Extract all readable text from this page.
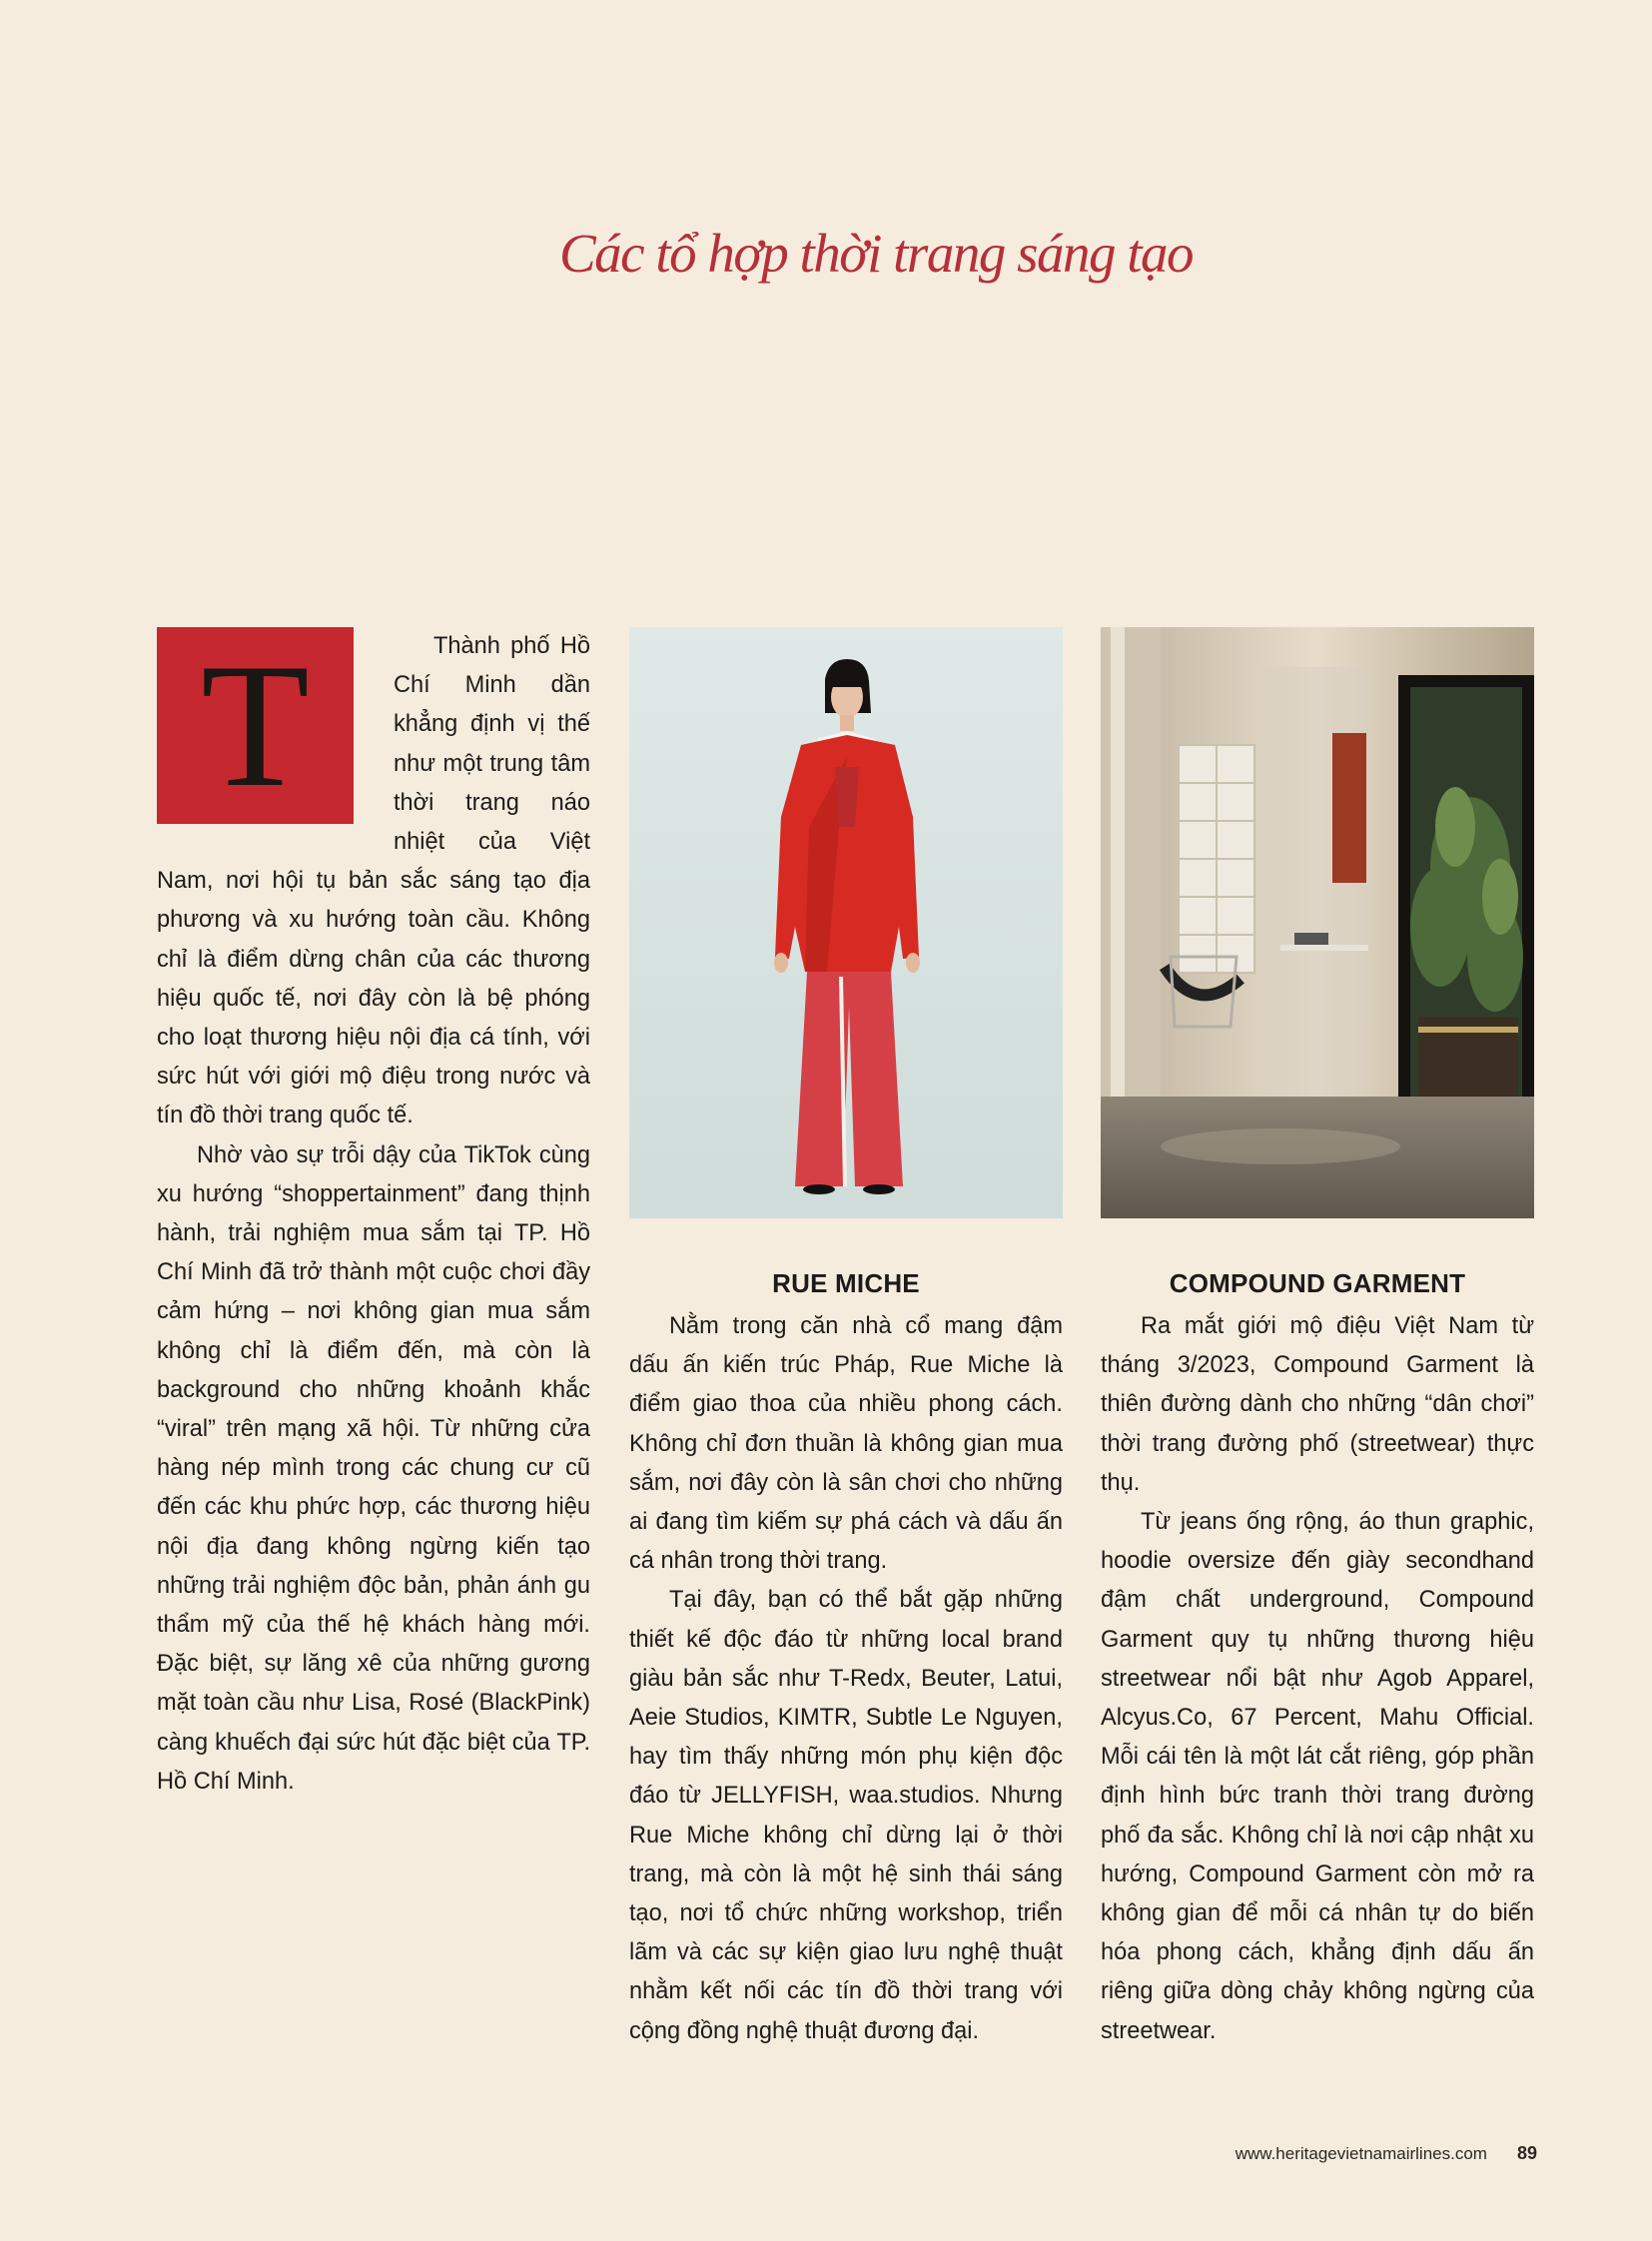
Các tổ hợp thời trang sáng tạo
T	Thành phố Hồ Chí Minh dần khẳng định vị thế như một trung tâm thời trang náo nhiệt của Việt Nam, nơi hội tụ bản sắc sáng tạo địa phương và xu hướng toàn cầu. Không chỉ là điểm dừng chân của các thương hiệu quốc tế, nơi đây còn là bệ phóng cho loạt thương hiệu nội địa cá tính, với sức hút với giới mộ điệu trong nước và tín đồ thời trang quốc tế.

Nhờ vào sự trỗi dậy của TikTok cùng xu hướng “shoppertainment” đang thịnh hành, trải nghiệm mua sắm tại TP. Hồ Chí Minh đã trở thành một cuộc chơi đầy cảm hứng – nơi không gian mua sắm không chỉ là điểm đến, mà còn là background cho những khoảnh khắc “viral” trên mạng xã hội. Từ những cửa hàng nép mình trong các chung cư cũ đến các khu phức hợp, các thương hiệu nội địa đang không ngừng kiến tạo những trải nghiệm độc bản, phản ánh gu thẩm mỹ của thế hệ khách hàng mới. Đặc biệt, sự lăng xê của những gương mặt toàn cầu như Lisa, Rosé (BlackPink) càng khuếch đại sức hút đặc biệt của TP. Hồ Chí Minh.

RUE MICHE	COMPOUND GARMENT

Nằm trong căn nhà cổ mang đậm dấu ấn kiến trúc Pháp, Rue Miche là điểm giao thoa của nhiều phong cách. Không chỉ đơn thuần là không gian mua sắm, nơi đây còn là sân chơi cho những ai đang tìm kiếm sự phá cách và dấu ấn cá nhân trong thời trang.

Tại đây, bạn có thể bắt gặp những thiết kế độc đáo từ những local brand giàu bản sắc như T-Redx, Beuter, Latui, Aeie Studios, KIMTR, Subtle Le Nguyen, hay tìm thấy những món phụ kiện độc đáo từ JELLYFISH, waa.studios. Nhưng Rue Miche không chỉ dừng lại ở thời trang, mà còn là một hệ sinh thái sáng tạo, nơi tổ chức những workshop, triển lãm và các sự kiện giao lưu nghệ thuật nhằm kết nối các tín đồ thời trang với cộng đồng nghệ thuật đương đại.

Ra mắt giới mộ điệu Việt Nam từ tháng 3/2023, Compound Garment là thiên đường dành cho những “dân chơi” thời trang đường phố (streetwear) thực thụ.

Từ jeans ống rộng, áo thun graphic, hoodie oversize đến giày secondhand đậm chất underground, Compound Garment quy tụ những thương hiệu streetwear nổi bật như Agob Apparel, Alcyus.Co, 67 Percent, Mahu Official. Mỗi cái tên là một lát cắt riêng, góp phần định hình bức tranh thời trang đường phố đa sắc. Không chỉ là nơi cập nhật xu hướng, Compound Garment còn mở ra không gian để mỗi cá nhân tự do biến hóa phong cách, khẳng định dấu ấn riêng giữa dòng chảy không ngừng của streetwear.

www.heritagevietnamairlines.com 89
